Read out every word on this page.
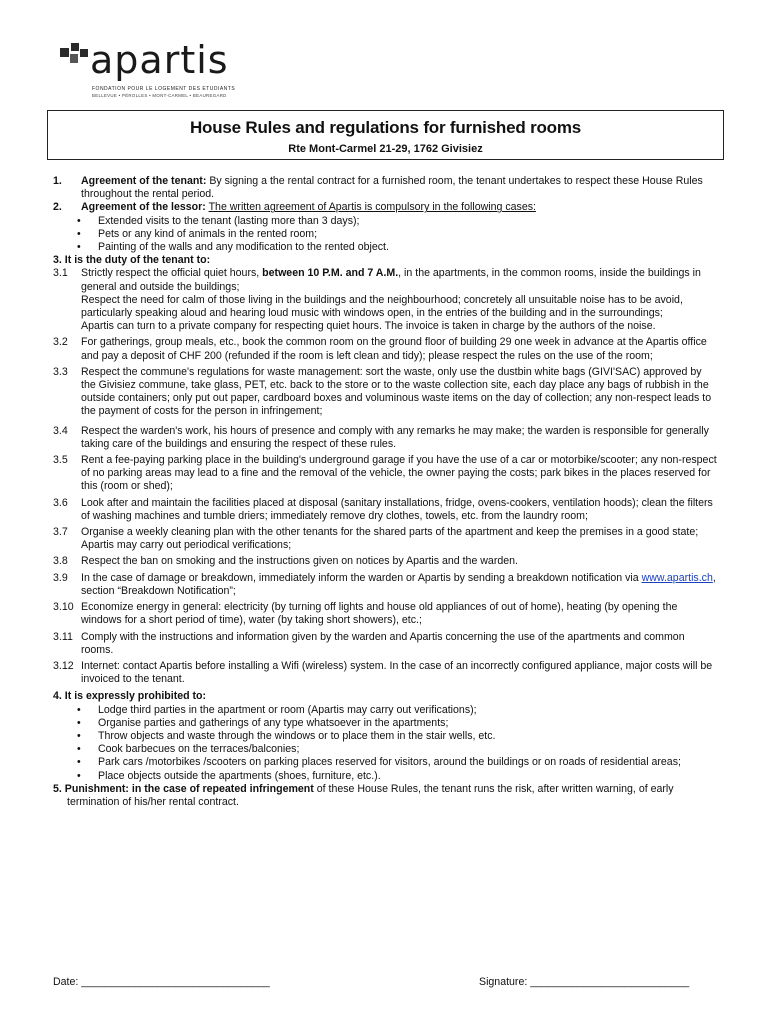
apartis
FONDATION POUR LE LOGEMENT DES ETUDIANTS
BELLEVUE • PÉROLLES • MONT-CARMEL • BEAUREGARD
House Rules and regulations for furnished rooms
Rte Mont-Carmel 21-29, 1762 Givisiez

1. Agreement of the tenant: By signing a the rental contract for a furnished room, the tenant undertakes to respect these House Rules throughout the rental period.

2. Agreement of the lessor: The written agreement of Apartis is compulsory in the following cases:

• Extended visits to the tenant (lasting more than 3 days);

• Pets or any kind of animals in the rented room;

• Painting of the walls and any modification to the rented object.

3. It is the duty of the tenant to:

3.1 Strictly respect the official quiet hours, between 10 P.M. and 7 A.M., in the apartments, in the common rooms, inside the buildings in general and outside the buildings;
Respect the need for calm of those living in the buildings and the neighbourhood; concretely all unsuitable noise has to be avoid, particularly speaking aloud and hearing loud music with windows open, in the entries of the building and in the surroundings;
Apartis can turn to a private company for respecting quiet hours. The invoice is taken in charge by the authors of the noise.
3.2 For gatherings, group meals, etc., book the common room on the ground floor of building 29 one week in advance at the Apartis office and pay a deposit of CHF 200 (refunded if the room is left clean and tidy); please respect the rules on the use of the room;
3.3 Respect the commune's regulations for waste management: sort the waste, only use the dustbin white bags (GIVI'SAC) approved by the Givisiez commune, take glass, PET, etc. back to the store or to the waste collection site, each day place any bags of rubbish in the outside containers; only put out paper, cardboard boxes and voluminous waste items on the day of collection; any non-respect leads to the payment of costs for the person in infringement;
3.4 Respect the warden's work, his hours of presence and comply with any remarks he may make; the warden is responsible for generally taking care of the buildings and ensuring the respect of these rules.
3.5 Rent a fee-paying parking place in the building's underground garage if you have the use of a car or motorbike/scooter; any non-respect of no parking areas may lead to a fine and the removal of the vehicle, the owner paying the costs; park bikes in the places reserved for this (room or shed);
3.6 Look after and maintain the facilities placed at disposal (sanitary installations, fridge, ovens-cookers, ventilation hoods); clean the filters of washing machines and tumble driers; immediately remove dry clothes, towels, etc. from the laundry room;
3.7 Organise a weekly cleaning plan with the other tenants for the shared parts of the apartment and keep the premises in a good state; Apartis may carry out periodical verifications;
3.8 Respect the ban on smoking and the instructions given on notices by Apartis and the warden.
3.9 In the case of damage or breakdown, immediately inform the warden or Apartis by sending a breakdown notification via www.apartis.ch, section “Breakdown Notification”;
3.10 Economize energy in general: electricity (by turning off lights and house old appliances of out of home), heating (by opening the windows for a short period of time), water (by taking short showers), etc.;
3.11 Comply with the instructions and information given by the warden and Apartis concerning the use of the apartments and common rooms.
3.12 Internet: contact Apartis before installing a Wifi (wireless) system. In the case of an incorrectly configured appliance, major costs will be invoiced to the tenant.

4. It is expressly prohibited to:

• Lodge third parties in the apartment or room (Apartis may carry out verifications);

• Organise parties and gatherings of any type whatsoever in the apartments;

• Throw objects and waste through the windows or to place them in the stair wells, etc.

• Cook barbecues on the terraces/balconies;

• Park cars /motorbikes /scooters on parking places reserved for visitors, around the buildings or on roads of residential areas;

• Place objects outside the apartments (shoes, furniture, etc.).

5. Punishment: in the case of repeated infringement of these House Rules, the tenant runs the risk, after written warning, of early termination of his/her rental contract.

Date: ________________________________	Signature: ___________________________
